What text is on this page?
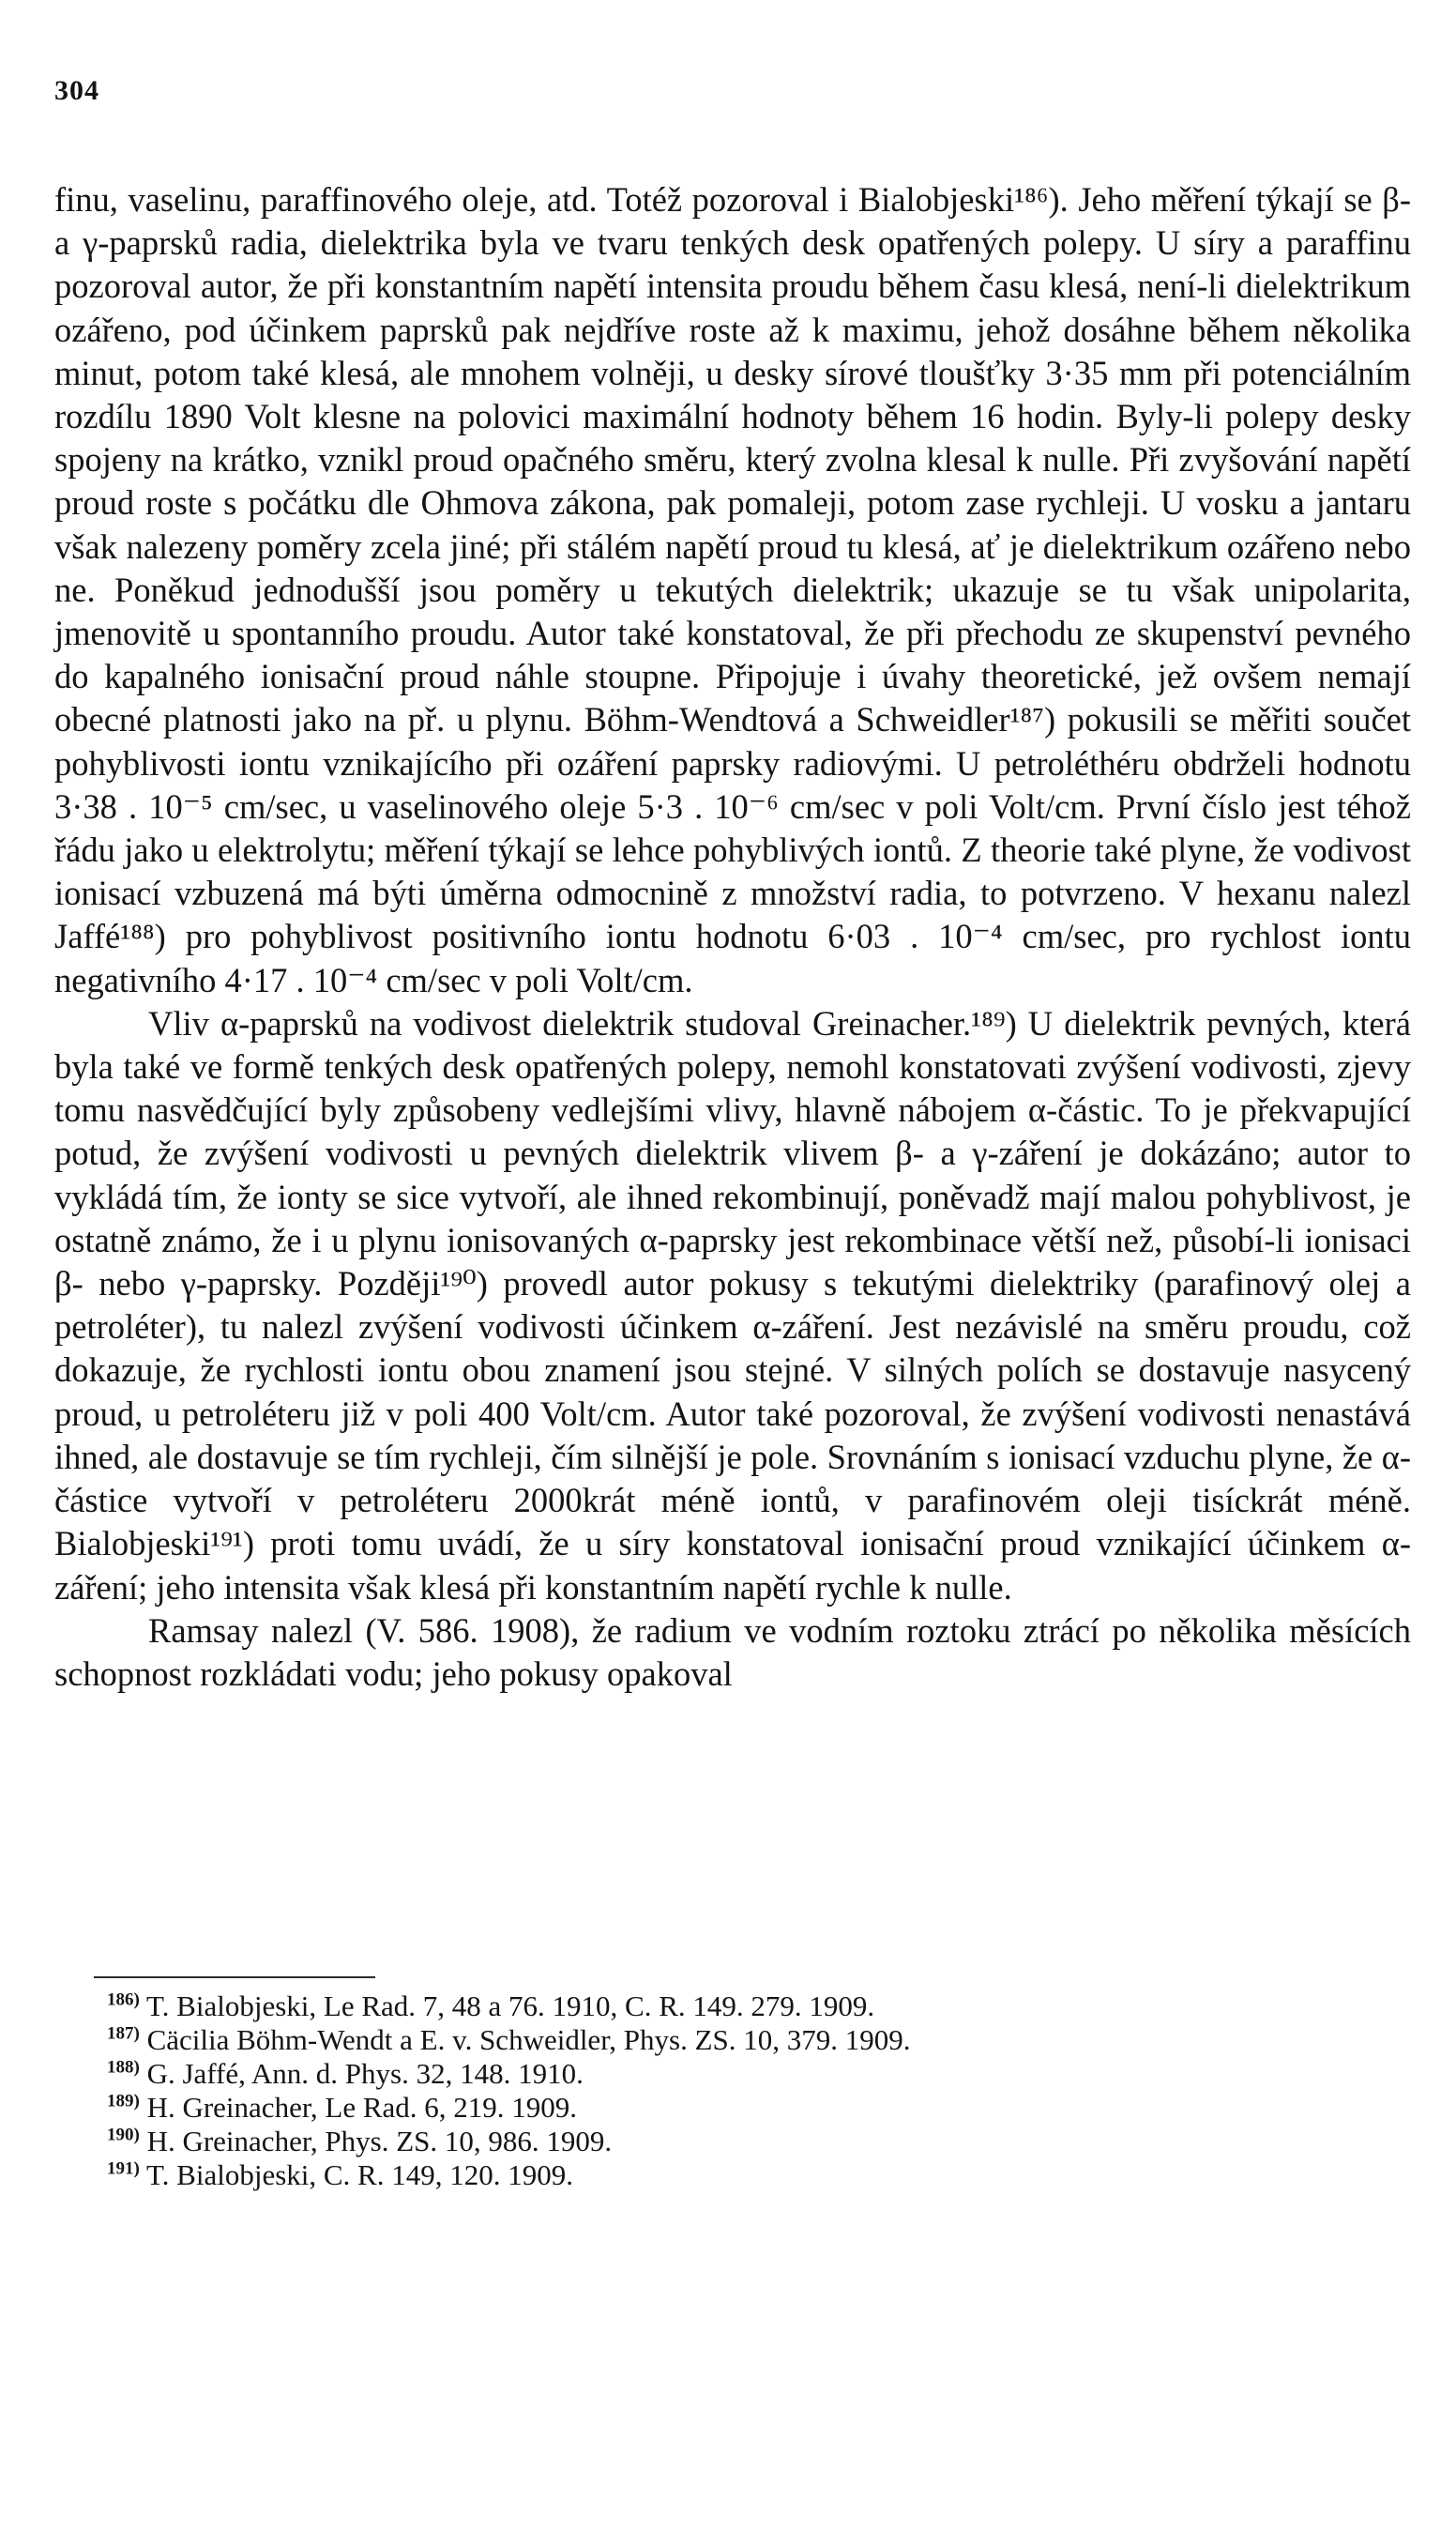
304

finu, vaselinu, paraffinového oleje, atd. Totéž pozoroval i Bialobjeski¹⁸⁶). Jeho měření týkají se β- a γ-paprsků radia, dielektrika byla ve tvaru tenkých desk opatřených polepy. U síry a paraffinu pozoroval autor, že při konstantním napětí intensita proudu během času klesá, není-li dielektrikum ozářeno, pod účinkem paprsků pak nejdříve roste až k maximu, jehož dosáhne během několika minut, potom také klesá, ale mnohem volněji, u desky sírové tloušťky 3·35 mm při potenciálním rozdílu 1890 Volt klesne na polovici maximální hodnoty během 16 hodin. Byly-li polepy desky spojeny na krátko, vznikl proud opačného směru, který zvolna klesal k nulle. Při zvyšování napětí proud roste s počátku dle Ohmova zákona, pak pomaleji, potom zase rychleji. U vosku a jantaru však nalezeny poměry zcela jiné; při stálém napětí proud tu klesá, ať je dielektrikum ozářeno nebo ne. Poněkud jednodušší jsou poměry u tekutých dielektrik; ukazuje se tu však unipolarita, jmenovitě u spontanního proudu. Autor také konstatoval, že při přechodu ze skupenství pevného do kapalného ionisační proud náhle stoupne. Připojuje i úvahy theoretické, jež ovšem nemají obecné platnosti jako na př. u plynu. Böhm-Wendtová a Schweidler¹⁸⁷) pokusili se měřiti součet pohyblivosti iontu vznikajícího při ozáření paprsky radiovými. U petroléthéru obdrželi hodnotu 3·38 . 10⁻⁵ cm/sec, u vaselinového oleje 5·3 . 10⁻⁶ cm/sec v poli Volt/cm. První číslo jest téhož řádu jako u elektrolytu; měření týkají se lehce pohyblivých iontů. Z theorie také plyne, že vodivost ionisací vzbuzená má býti úměrna odmocnině z množství radia, to potvrzeno. V hexanu nalezl Jaffé¹⁸⁸) pro pohyblivost positivního iontu hodnotu 6·03 . 10⁻⁴ cm/sec, pro rychlost iontu negativního 4·17 . 10⁻⁴ cm/sec v poli Volt/cm.

Vliv α-paprsků na vodivost dielektrik studoval Greinacher.¹⁸⁹) U dielektrik pevných, která byla také ve formě tenkých desk opatřených polepy, nemohl konstatovati zvýšení vodivosti, zjevy tomu nasvědčující byly způsobeny vedlejšími vlivy, hlavně nábojem α-částic. To je překvapující potud, že zvýšení vodivosti u pevných dielektrik vlivem β- a γ-záření je dokázáno; autor to vykládá tím, že ionty se sice vytvoří, ale ihned rekombinují, poněvadž mají malou pohyblivost, je ostatně známo, že i u plynu ionisovaných α-paprsky jest rekombinace větší než, působí-li ionisaci β- nebo γ-paprsky. Později¹⁹⁰) provedl autor pokusy s tekutými dielektriky (parafinový olej a petroléter), tu nalezl zvýšení vodivosti účinkem α-záření. Jest nezávislé na směru proudu, což dokazuje, že rychlosti iontu obou znamení jsou stejné. V silných polích se dostavuje nasycený proud, u petroléteru již v poli 400 Volt/cm. Autor také pozoroval, že zvýšení vodivosti nenastává ihned, ale dostavuje se tím rychleji, čím silnější je pole. Srovnáním s ionisací vzduchu plyne, že α-částice vytvoří v petroléteru 2000krát méně iontů, v parafinovém oleji tisíckrát méně. Bialobjeski¹⁹¹) proti tomu uvádí, že u síry konstatoval ionisační proud vznikající účinkem α-záření; jeho intensita však klesá při konstantním napětí rychle k nulle.

Ramsay nalezl (V. 586. 1908), že radium ve vodním roztoku ztrácí po několika měsících schopnost rozkládati vodu; jeho pokusy opakoval

$^{186)}$ T. Bialobjeski, Le Rad. 7, 48 a 76. 1910, C. R. 149. 279. 1909.

$^{187)}$ Cäcilia Böhm-Wendt a E. v. Schweidler, Phys. ZS. 10, 379. 1909.

$^{188)}$ G. Jaffé, Ann. d. Phys. 32, 148. 1910.

$^{189)}$ H. Greinacher, Le Rad. 6, 219. 1909.

$^{190)}$ H. Greinacher, Phys. ZS. 10, 986. 1909.

$^{191)}$ T. Bialobjeski, C. R. 149, 120. 1909.
